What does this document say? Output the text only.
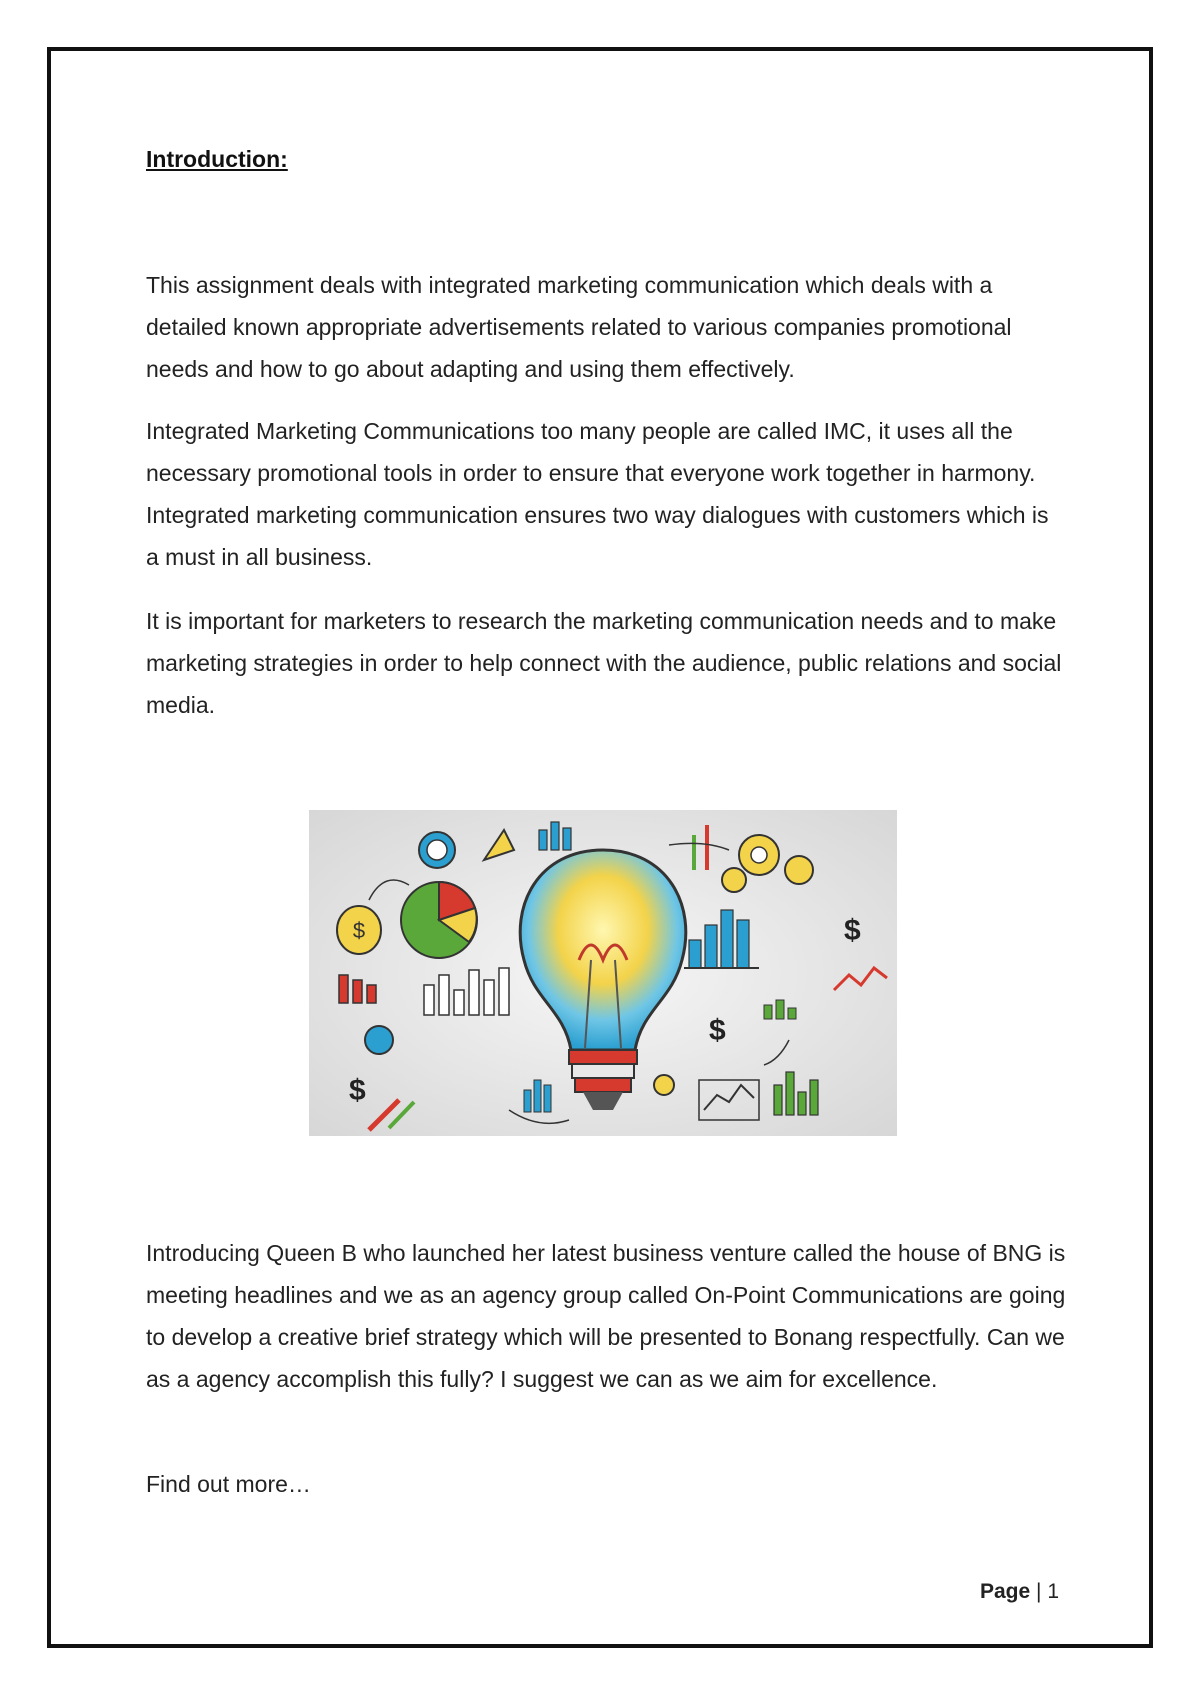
Introduction:

This assignment deals with integrated marketing communication which deals with a detailed known appropriate advertisements related to various companies promotional needs and how to go about adapting and using them effectively.

Integrated Marketing Communications too many people are called IMC, it uses all the necessary promotional tools in order to ensure that everyone work together in harmony. Integrated marketing communication ensures two way dialogues with customers which is a must in all business.

It is important for marketers to research the marketing communication needs and to make marketing strategies in order to help connect with the audience, public relations and social media.

$
$
$
$

Introducing Queen B who launched her latest business venture called the house of BNG is meeting headlines and we as an agency group called On-Point Communications are going to develop a creative brief strategy which will be presented to Bonang respectfully. Can we as a agency accomplish this fully? I suggest we can as we aim for excellence.

Find out more…

Page | 1
